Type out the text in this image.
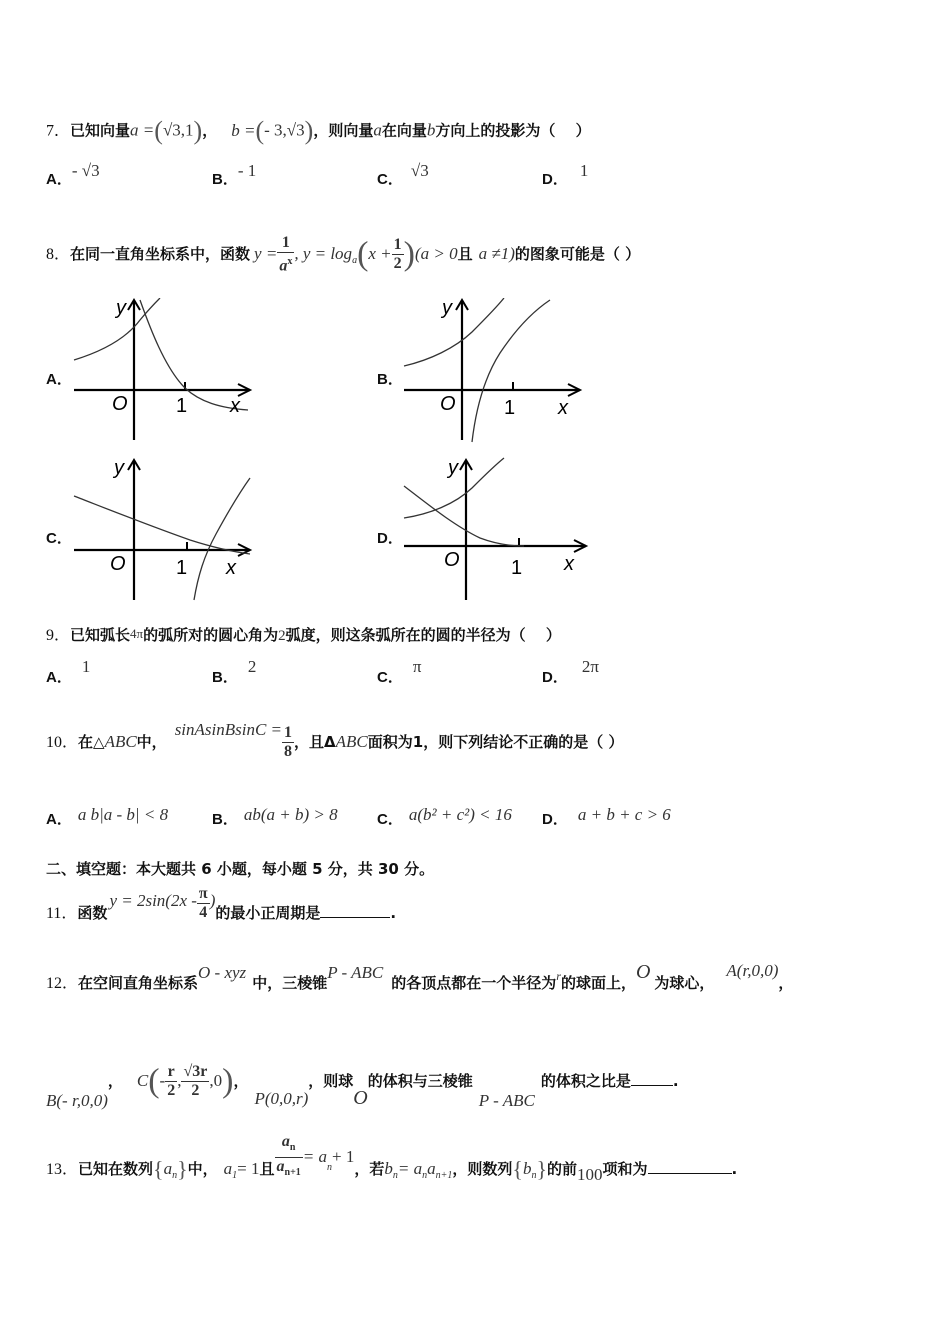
7．已知向量a =(√3,1)， b =(- 3,√3)，则向量a在向量b方向上的投影为（　 ）
A．- √3	B．- 1	C． √3	D． 1
8．在同一直角坐标系中，函数 $y = \frac{1}{a^x}$ , $y = \log_a(x + \frac{1}{2} )(a > 0$且 a ≠1)的图象可能是（ ）
A．
y
O 1 x
B．
y
O 1 x
C．
y
O	1 x
D．
y
O	1 x
9．已知弧长4π的弧所对的圆心角为2弧度，则这条弧所在的圆的半径为（　 ）
A．1
B．2
C．π
D．2π
10．在△ABC中，sinAsinBsinC = $\frac{1}{8}$ ，且ΔABC面积为1，则下列结论不正确的是（ ）
A． a b|a - b| < 8	B． ab(a + b) > 8	C． a(b² + c²) < 16 D． a + b + c > 6
二、填空题：本大题共 6 小题，每小题 5 分，共 30 分。
11．函数$y = 2\sin(2x - \frac{\pi}{4}$ )的最小正周期是	.
12．在空间直角坐标系O - xyz中，三棱锥P - ABC的各顶点都在一个半径为$^r$的球面上，O 为球心，A(r,0,0)，
B(- r,0,0)， $C(- \frac{r}{2}$ , $\frac{√3r}{2} ,0$)，P(0,0,r)，则球O的体积与三棱锥P - ABC的体积之比是	.
13．已知在数列$\{a_n\}$中， $a_1= 1$且 $\frac{a_n}{a_{n+1}} = a_n+ 1$，若$b_n= a_na_{n+1}$，则数列$\{b_n\}$的前100项和为	.
